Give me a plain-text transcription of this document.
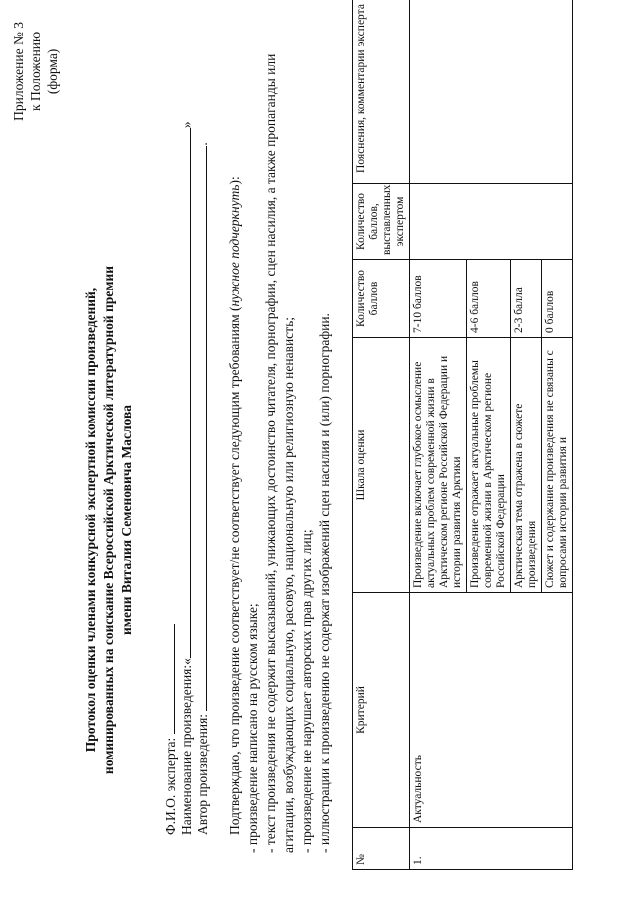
Приложение № 3 к Положению (форма)
Протокол оценки членами конкурсной экспертной комиссии произведений, номинированных на соискание Всероссийской Арктической литературной премии имени Виталия Семеновича Маслова
Ф.И.О. эксперта: Наименование произведения:«»
Автор произведения: .

Подтверждаю, что произведение соответствует/не соответствует следующим требованиям (нужное подчеркнуть):

- произведение написано на русском языке; - текст произведения не содержит высказываний, унижающих достоинство читателя, порнографии, сцен насилия, а также пропаганды или агитации, возбуждающих социальную, расовую, национальную или религиозную ненависть; - произведение не нарушает авторских прав других лиц; - иллюстрации к произведению не содержат изображений сцен насилия и (или) порнографии.

№	Критерий	Шкала оценки	Количество баллов	Количество баллов, выставленных экспертом	Пояснения, комментарии эксперта
1.	Актуальность	Произведение включает глубокое осмысление актуальных проблем современной жизни в Арктическом регионе Российской Федерации и истории развития Арктики	7-10 баллов		
		Произведение отражает актуальные проблемы современной жизни в Арктическом регионе Российской Федерации	4-6 баллов		
		Арктическая тема отражена в сюжете произведения	2-3 балла		
		Сюжет и содержание произведения не связаны с вопросами истории развития и	0 баллов		
